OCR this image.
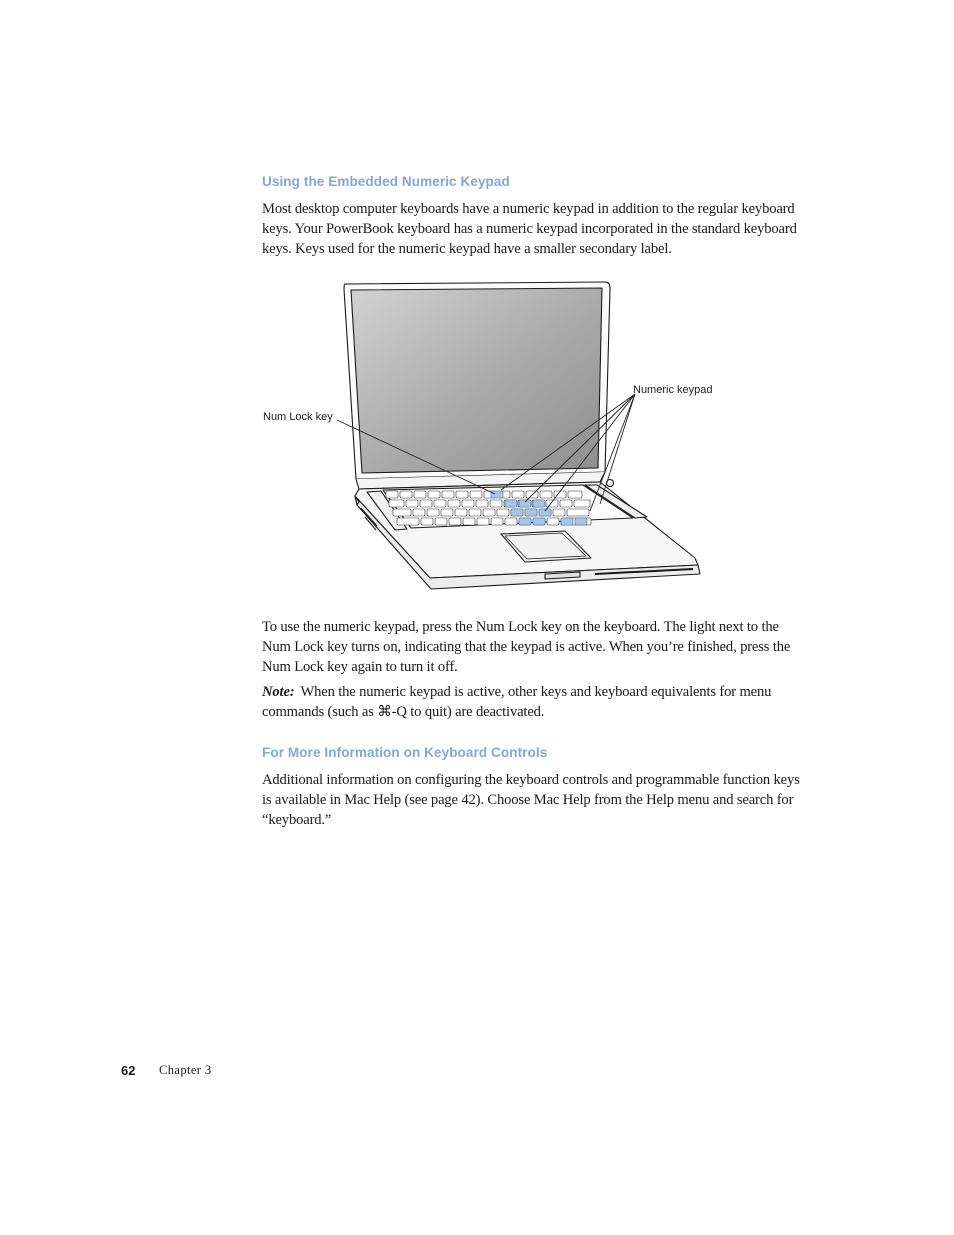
Using the Embedded Numeric Keypad

Most desktop computer keyboards have a numeric keypad in addition to the regular keyboard keys. Your PowerBook keyboard has a numeric keypad incorporated in the standard keyboard keys. Keys used for the numeric keypad have a smaller secondary label.

Num Lock key
Numeric keypad

To use the numeric keypad, press the Num Lock key on the keyboard. The light next to the Num Lock key turns on, indicating that the keypad is active. When you’re finished, press the Num Lock key again to turn it off.

Note: When the numeric keypad is active, other keys and keyboard equivalents for menu commands (such as ⌘-Q to quit) are deactivated.

For More Information on Keyboard Controls

Additional information on configuring the keyboard controls and programmable function keys is available in Mac Help (see page 42). Choose Mac Help from the Help menu and search for “keyboard.”

62 Chapter 3
